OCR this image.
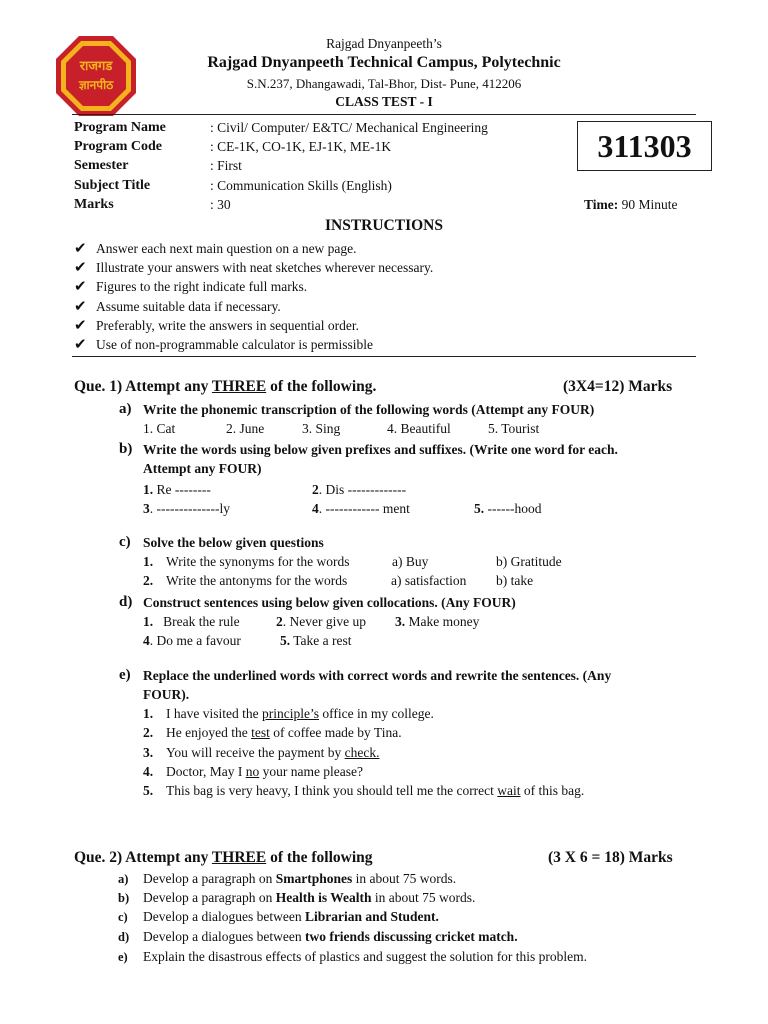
राजगड
ज्ञानपीठ
Rajgad Dnyanpeeth’s
Rajgad Dnyanpeeth Technical Campus, Polytechnic
S.N.237, Dhangawadi, Tal-Bhor, Dist- Pune, 412206
CLASS TEST - I
Program Name	: Civil/ Computer/ E&TC/ Mechanical Engineering
Program Code	: CE-1K, CO-1K, EJ-1K, ME-1K
Semester	: First
Subject Title	: Communication Skills (English)
Marks	: 30
311303
Time: 90 Minute
INSTRUCTIONS
✔ Answer each next main question on a new page.
✔ Illustrate your answers with neat sketches wherever necessary.
✔ Figures to the right indicate full marks.
✔ Assume suitable data if necessary.
✔ Preferably, write the answers in sequential order.
✔ Use of non-programmable calculator is permissible
Que. 1) Attempt any THREE of the following.	(3X4=12) Marks
a) Write the phonemic transcription of the following words (Attempt any FOUR)
1. Cat	2. June	3. Sing	4. Beautiful	5. Tourist
b) Write the words using below given prefixes and suffixes. (Write one word for each.
Attempt any FOUR)
1. Re --------	2. Dis -------------
3. --------------ly	4. ------------ ment	5. ------hood
c) Solve the below given questions
1. Write the synonyms for the words	a) Buy	b) Gratitude
2. Write the antonyms for the words	a) satisfaction b) take
d) Construct sentences using below given collocations. (Any FOUR)
1. Break the rule	2. Never give up 3. Make money
4. Do me a favour	5. Take a rest
e) Replace the underlined words with correct words and rewrite the sentences. (Any
FOUR).
1. I have visited the principle’s office in my college.
2. He enjoyed the test of coffee made by Tina.
3. You will receive the payment by check.
4. Doctor, May I no your name please?
5. This bag is very heavy, I think you should tell me the correct wait of this bag.
Que. 2) Attempt any THREE of the following	(3 X 6 = 18) Marks
a) Develop a paragraph on Smartphones in about 75 words.
b) Develop a paragraph on Health is Wealth in about 75 words.
c) Develop a dialogues between Librarian and Student.
d) Develop a dialogues between two friends discussing cricket match.
e) Explain the disastrous effects of plastics and suggest the solution for this problem.
